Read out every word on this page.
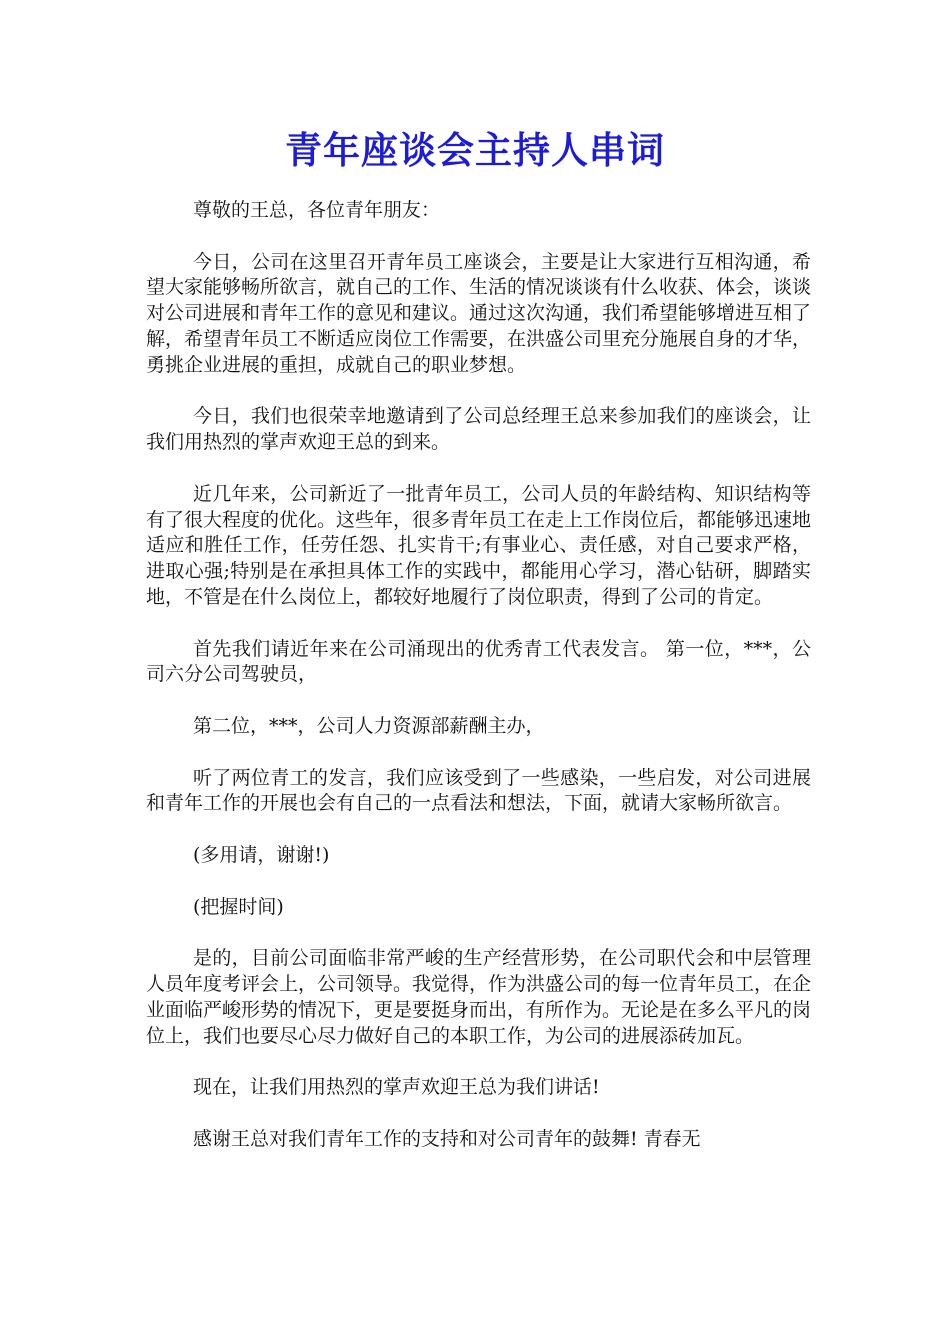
青年座谈会主持人串词

尊敬的王总，各位青年朋友：

今日，公司在这里召开青年员工座谈会，主要是让大家进行互相沟通，希望大家能够畅所欲言，就自己的工作、生活的情况谈谈有什么收获、体会，谈谈对公司进展和青年工作的意见和建议。通过这次沟通，我们希望能够增进互相了解，希望青年员工不断适应岗位工作需要，在洪盛公司里充分施展自身的才华，勇挑企业进展的重担，成就自己的职业梦想。

今日，我们也很荣幸地邀请到了公司总经理王总来参加我们的座谈会，让我们用热烈的掌声欢迎王总的到来。

近几年来，公司新近了一批青年员工，公司人员的年龄结构、知识结构等有了很大程度的优化。这些年，很多青年员工在走上工作岗位后，都能够迅速地适应和胜任工作，任劳任怨、扎实肯干;有事业心、责任感，对自己要求严格，进取心强;特别是在承担具体工作的实践中，都能用心学习，潜心钻研，脚踏实地，不管是在什么岗位上，都较好地履行了岗位职责，得到了公司的肯定。

首先我们请近年来在公司涌现出的优秀青工代表发言。 第一位，***，公司六分公司驾驶员，

第二位，***，公司人力资源部薪酬主办，

听了两位青工的发言，我们应该受到了一些感染，一些启发，对公司进展和青年工作的开展也会有自己的一点看法和想法，下面，就请大家畅所欲言。

(多用请，谢谢!)

(把握时间)

是的，目前公司面临非常严峻的生产经营形势，在公司职代会和中层管理人员年度考评会上，公司领导。我觉得，作为洪盛公司的每一位青年员工，在企业面临严峻形势的情况下，更是要挺身而出，有所作为。无论是在多么平凡的岗位上，我们也要尽心尽力做好自己的本职工作，为公司的进展添砖加瓦。

现在，让我们用热烈的掌声欢迎王总为我们讲话!

感谢王总对我们青年工作的支持和对公司青年的鼓舞! 青春无
